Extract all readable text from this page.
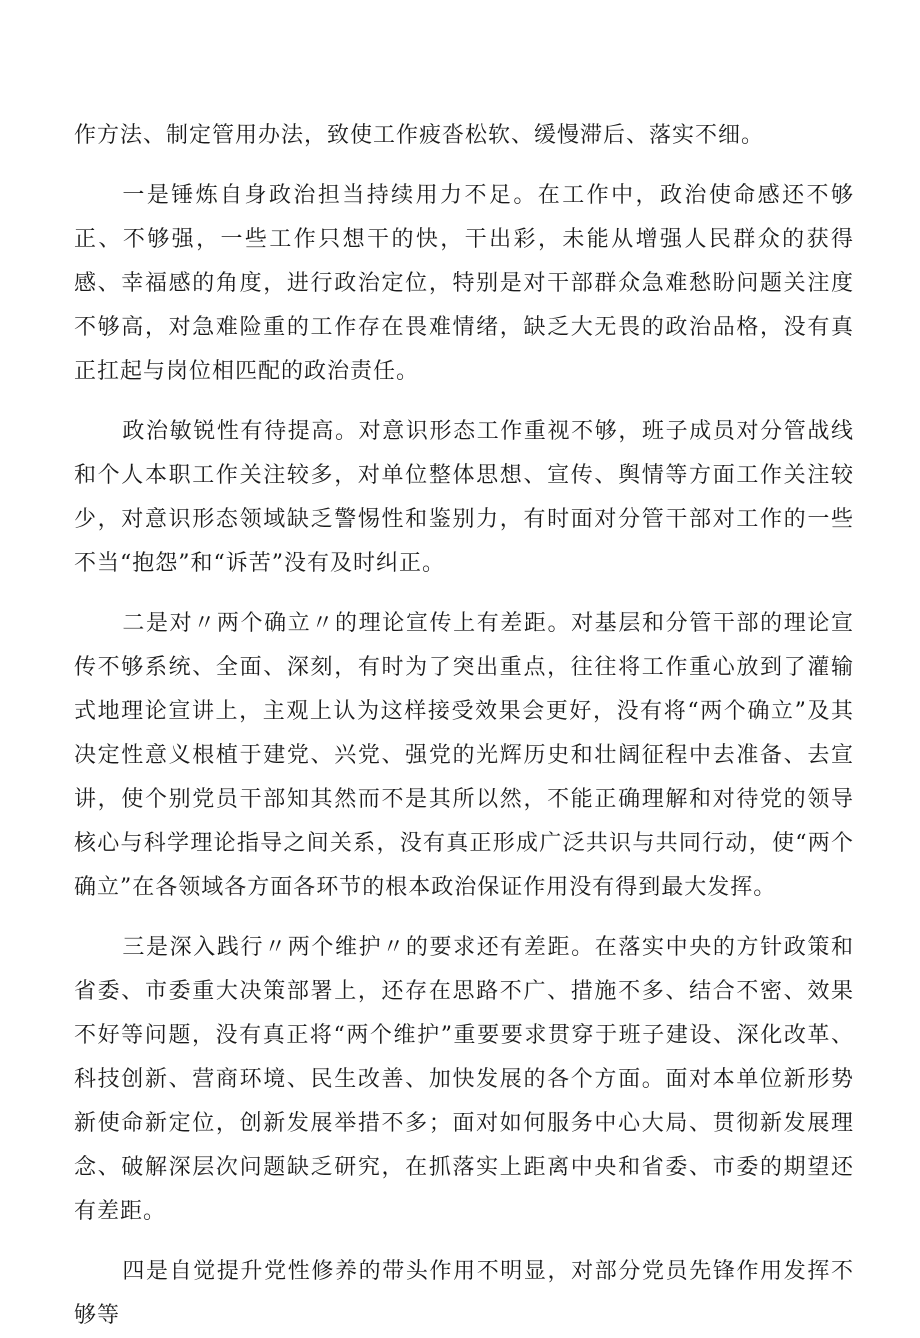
作方法、制定管用办法，致使工作疲沓松软、缓慢滞后、落实不细。

一是锤炼自身政治担当持续用力不足。在工作中，政治使命感还不够正、不够强，一些工作只想干的快，干出彩，未能从增强人民群众的获得感、幸福感的角度，进行政治定位，特别是对干部群众急难愁盼问题关注度不够高，对急难险重的工作存在畏难情绪，缺乏大无畏的政治品格，没有真正扛起与岗位相匹配的政治责任。

政治敏锐性有待提高。对意识形态工作重视不够，班子成员对分管战线和个人本职工作关注较多，对单位整体思想、宣传、舆情等方面工作关注较少，对意识形态领域缺乏警惕性和鉴别力，有时面对分管干部对工作的一些不当“抱怨”和“诉苦”没有及时纠正。

二是对〃两个确立〃的理论宣传上有差距。对基层和分管干部的理论宣传不够系统、全面、深刻，有时为了突出重点，往往将工作重心放到了灌输式地理论宣讲上，主观上认为这样接受效果会更好，没有将“两个确立”及其决定性意义根植于建党、兴党、强党的光辉历史和壮阔征程中去准备、去宣讲，使个别党员干部知其然而不是其所以然，不能正确理解和对待党的领导核心与科学理论指导之间关系，没有真正形成广泛共识与共同行动，使“两个确立”在各领域各方面各环节的根本政治保证作用没有得到最大发挥。

三是深入践行〃两个维护〃的要求还有差距。在落实中央的方针政策和省委、市委重大决策部署上，还存在思路不广、措施不多、结合不密、效果不好等问题，没有真正将“两个维护”重要要求贯穿于班子建设、深化改革、科技创新、营商环境、民生改善、加快发展的各个方面。面对本单位新形势新使命新定位，创新发展举措不多；面对如何服务中心大局、贯彻新发展理念、破解深层次问题缺乏研究，在抓落实上距离中央和省委、市委的期望还有差距。

四是自觉提升党性修养的带头作用不明显，对部分党员先锋作用发挥不够等
